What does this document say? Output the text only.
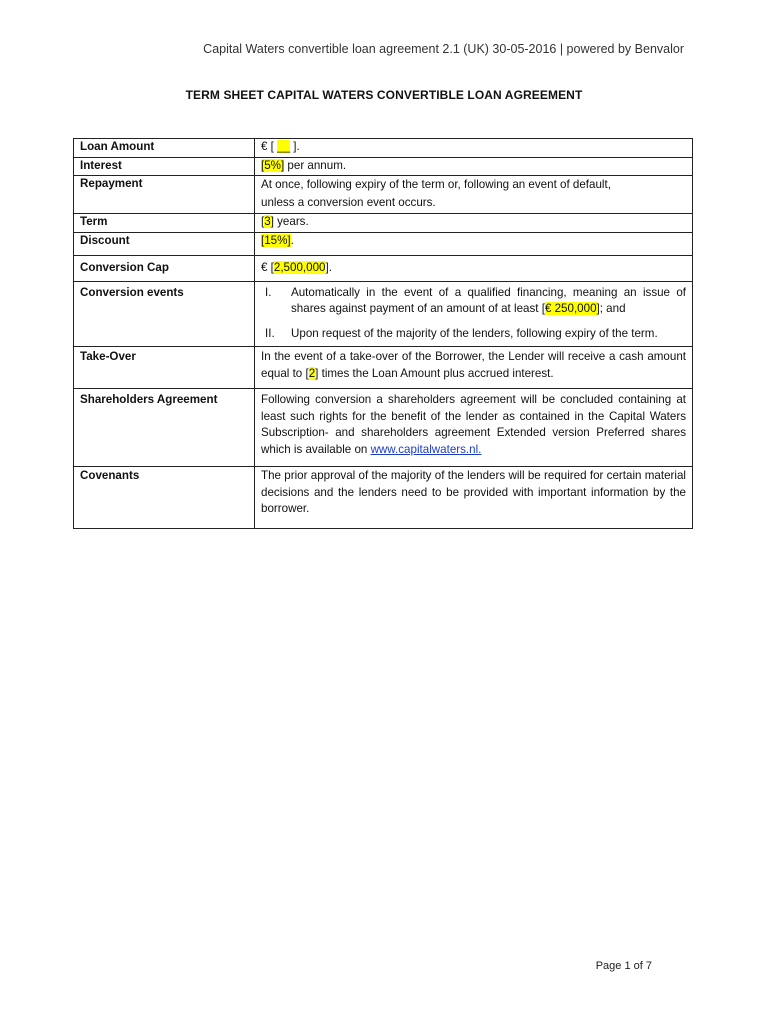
Capital Waters convertible loan agreement 2.1 (UK) 30-05-2016 | powered by Benvalor
TERM SHEET CAPITAL WATERS CONVERTIBLE LOAN AGREEMENT
Loan Amount	€ [ __ ].
Interest	[5%] per annum.
Repayment	At once, following expiry of the term or, following an event of default,
unless a conversion event occurs.

Term	[3] years.
Discount	[15%].
Conversion Cap	€ [2,500,000].
Conversion events	I. Automatically in the event of a qualified financing, meaning an issue of shares against payment of an amount of at least [€ 250,000]; and
II. Upon request of the majority of the lenders, following expiry of the term.

Take-Over	In the event of a take-over of the Borrower, the Lender will receive a cash amount equal to [2] times the Loan Amount plus accrued interest.
Shareholders Agreement	Following conversion a shareholders agreement will be concluded containing at least such rights for the benefit of the lender as contained in the Capital Waters Subscription- and shareholders agreement Extended version Preferred shares which is available on www.capitalwaters.nl.
Covenants	The prior approval of the majority of the lenders will be required for certain material decisions and the lenders need to be provided with important information by the borrower.
Page 1 of 7
